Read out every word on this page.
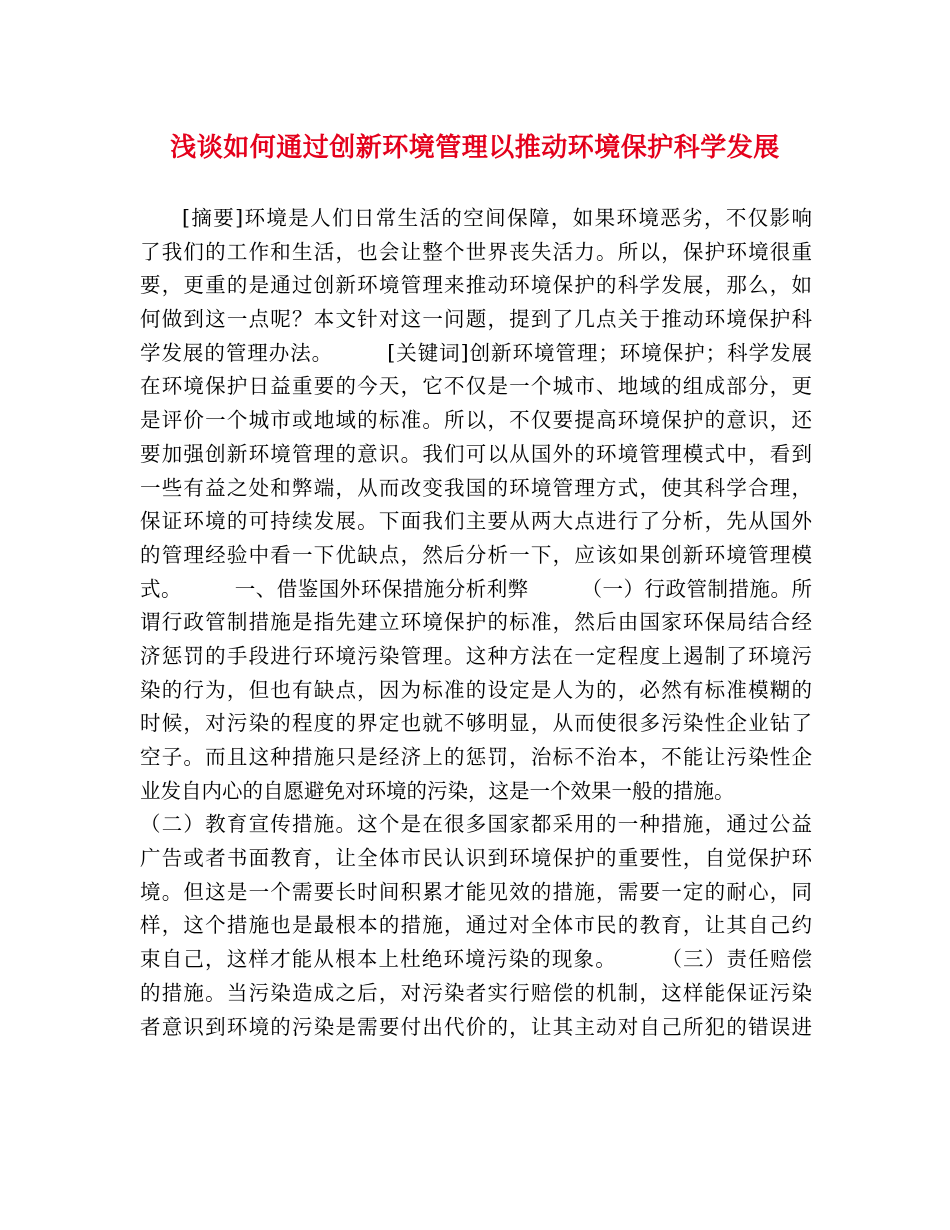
浅谈如何通过创新环境管理以推动环境保护科学发展
[摘要]环境是人们日常生活的空间保障，如果环境恶劣，不仅影响
了我们的工作和生活，也会让整个世界丧失活力。所以，保护环境很重
要，更重的是通过创新环境管理来推动环境保护的科学发展，那么，如
何做到这一点呢？本文针对这一问题，提到了几点关于推动环境保护科
学发展的管理办法。　　　[关键词]创新环境管理；环境保护；科学发展
在环境保护日益重要的今天，它不仅是一个城市、地域的组成部分，更
是评价一个城市或地域的标准。所以，不仅要提高环境保护的意识，还
要加强创新环境管理的意识。我们可以从国外的环境管理模式中，看到
一些有益之处和弊端，从而改变我国的环境管理方式，使其科学合理，
保证环境的可持续发展。下面我们主要从两大点进行了分析，先从国外
的管理经验中看一下优缺点，然后分析一下，应该如果创新环境管理模
式。　　　一、借鉴国外环保措施分析利弊　　　（一）行政管制措施。所
谓行政管制措施是指先建立环境保护的标准，然后由国家环保局结合经
济惩罚的手段进行环境污染管理。这种方法在一定程度上遏制了环境污
染的行为，但也有缺点，因为标准的设定是人为的，必然有标准模糊的
时候，对污染的程度的界定也就不够明显，从而使很多污染性企业钻了
空子。而且这种措施只是经济上的惩罚，治标不治本，不能让污染性企
业发自内心的自愿避免对环境的污染，这是一个效果一般的措施。
（二）教育宣传措施。这个是在很多国家都采用的一种措施，通过公益
广告或者书面教育，让全体市民认识到环境保护的重要性，自觉保护环
境。但这是一个需要长时间积累才能见效的措施，需要一定的耐心，同
样，这个措施也是最根本的措施，通过对全体市民的教育，让其自己约
束自己，这样才能从根本上杜绝环境污染的现象。　　　（三）责任赔偿
的措施。当污染造成之后，对污染者实行赔偿的机制，这样能保证污染
者意识到环境的污染是需要付出代价的，让其主动对自己所犯的错误进
